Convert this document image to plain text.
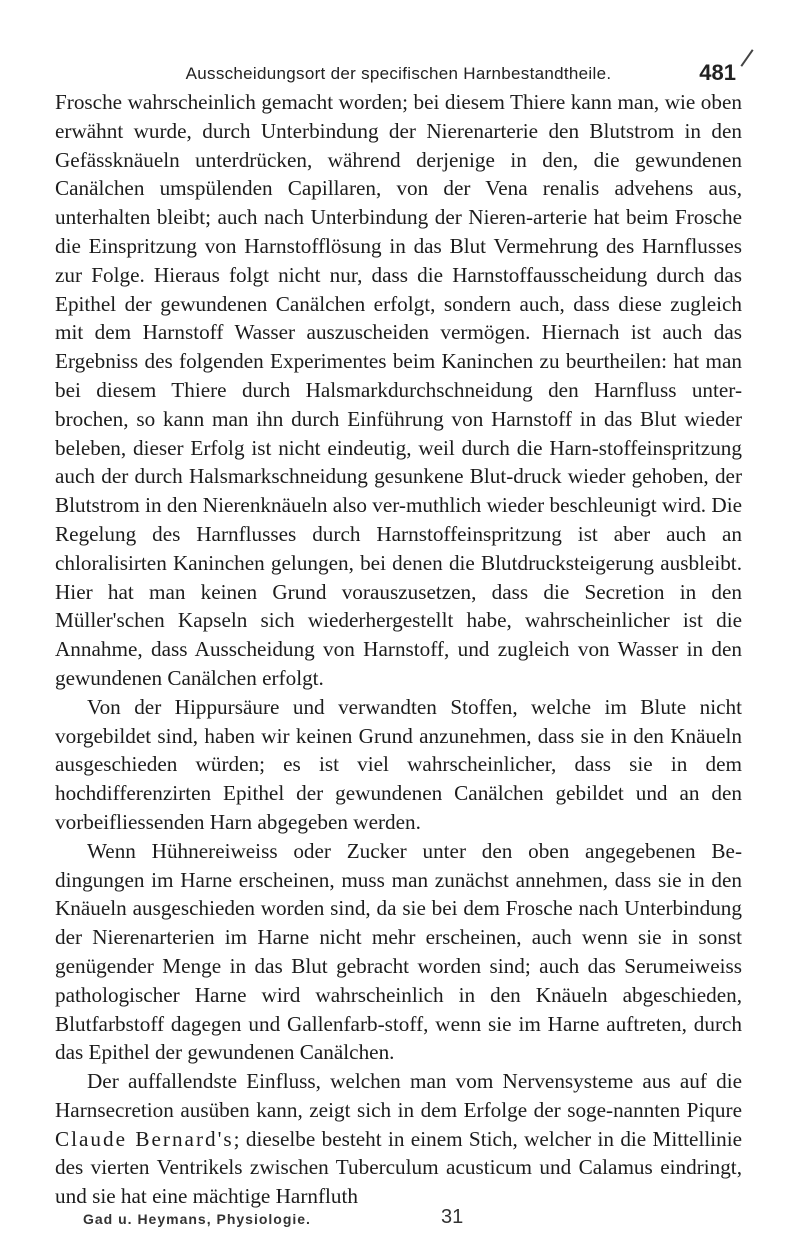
Ausscheidungsort der specifischen Harnbestandtheile.	481

Frosche wahrscheinlich gemacht worden; bei diesem Thiere kann man, wie oben erwähnt wurde, durch Unterbindung der Nierenarterie den Blutstrom in den Gefässknäueln unterdrücken, während derjenige in den, die gewundenen Canälchen umspülenden Capillaren, von der Vena renalis advehens aus, unterhalten bleibt; auch nach Unterbindung der Nieren-arterie hat beim Frosche die Einspritzung von Harnstofflösung in das Blut Vermehrung des Harnflusses zur Folge. Hieraus folgt nicht nur, dass die Harnstoffausscheidung durch das Epithel der gewundenen Canälchen erfolgt, sondern auch, dass diese zugleich mit dem Harnstoff Wasser auszuscheiden vermögen. Hiernach ist auch das Ergebniss des folgenden Experimentes beim Kaninchen zu beurtheilen: hat man bei diesem Thiere durch Halsmarkdurchschneidung den Harnfluss unter-brochen, so kann man ihn durch Einführung von Harnstoff in das Blut wieder beleben, dieser Erfolg ist nicht eindeutig, weil durch die Harn-stoffeinspritzung auch der durch Halsmarkschneidung gesunkene Blut-druck wieder gehoben, der Blutstrom in den Nierenknäueln also ver-muthlich wieder beschleunigt wird. Die Regelung des Harnflusses durch Harnstoffeinspritzung ist aber auch an chloralisirten Kaninchen gelungen, bei denen die Blutdrucksteigerung ausbleibt. Hier hat man keinen Grund vorauszusetzen, dass die Secretion in den Müller'schen Kapseln sich wiederhergestellt habe, wahrscheinlicher ist die Annahme, dass Ausscheidung von Harnstoff, und zugleich von Wasser in den gewundenen Canälchen erfolgt.

Von der Hippursäure und verwandten Stoffen, welche im Blute nicht vorgebildet sind, haben wir keinen Grund anzunehmen, dass sie in den Knäueln ausgeschieden würden; es ist viel wahrscheinlicher, dass sie in dem hochdifferenzirten Epithel der gewundenen Canälchen gebildet und an den vorbeifliessenden Harn abgegeben werden.

Wenn Hühnereiweiss oder Zucker unter den oben angegebenen Be-dingungen im Harne erscheinen, muss man zunächst annehmen, dass sie in den Knäueln ausgeschieden worden sind, da sie bei dem Frosche nach Unterbindung der Nierenarterien im Harne nicht mehr erscheinen, auch wenn sie in sonst genügender Menge in das Blut gebracht worden sind; auch das Serumeiweiss pathologischer Harne wird wahrscheinlich in den Knäueln abgeschieden, Blutfarbstoff dagegen und Gallenfarb-stoff, wenn sie im Harne auftreten, durch das Epithel der gewundenen Canälchen.

Der auffallendste Einfluss, welchen man vom Nervensysteme aus auf die Harnsecretion ausüben kann, zeigt sich in dem Erfolge der soge-nannten Piqure Claude Bernard's; dieselbe besteht in einem Stich, welcher in die Mittellinie des vierten Ventrikels zwischen Tuberculum acusticum und Calamus eindringt, und sie hat eine mächtige Harnfluth

Gad u. Heymans, Physiologie.	31
